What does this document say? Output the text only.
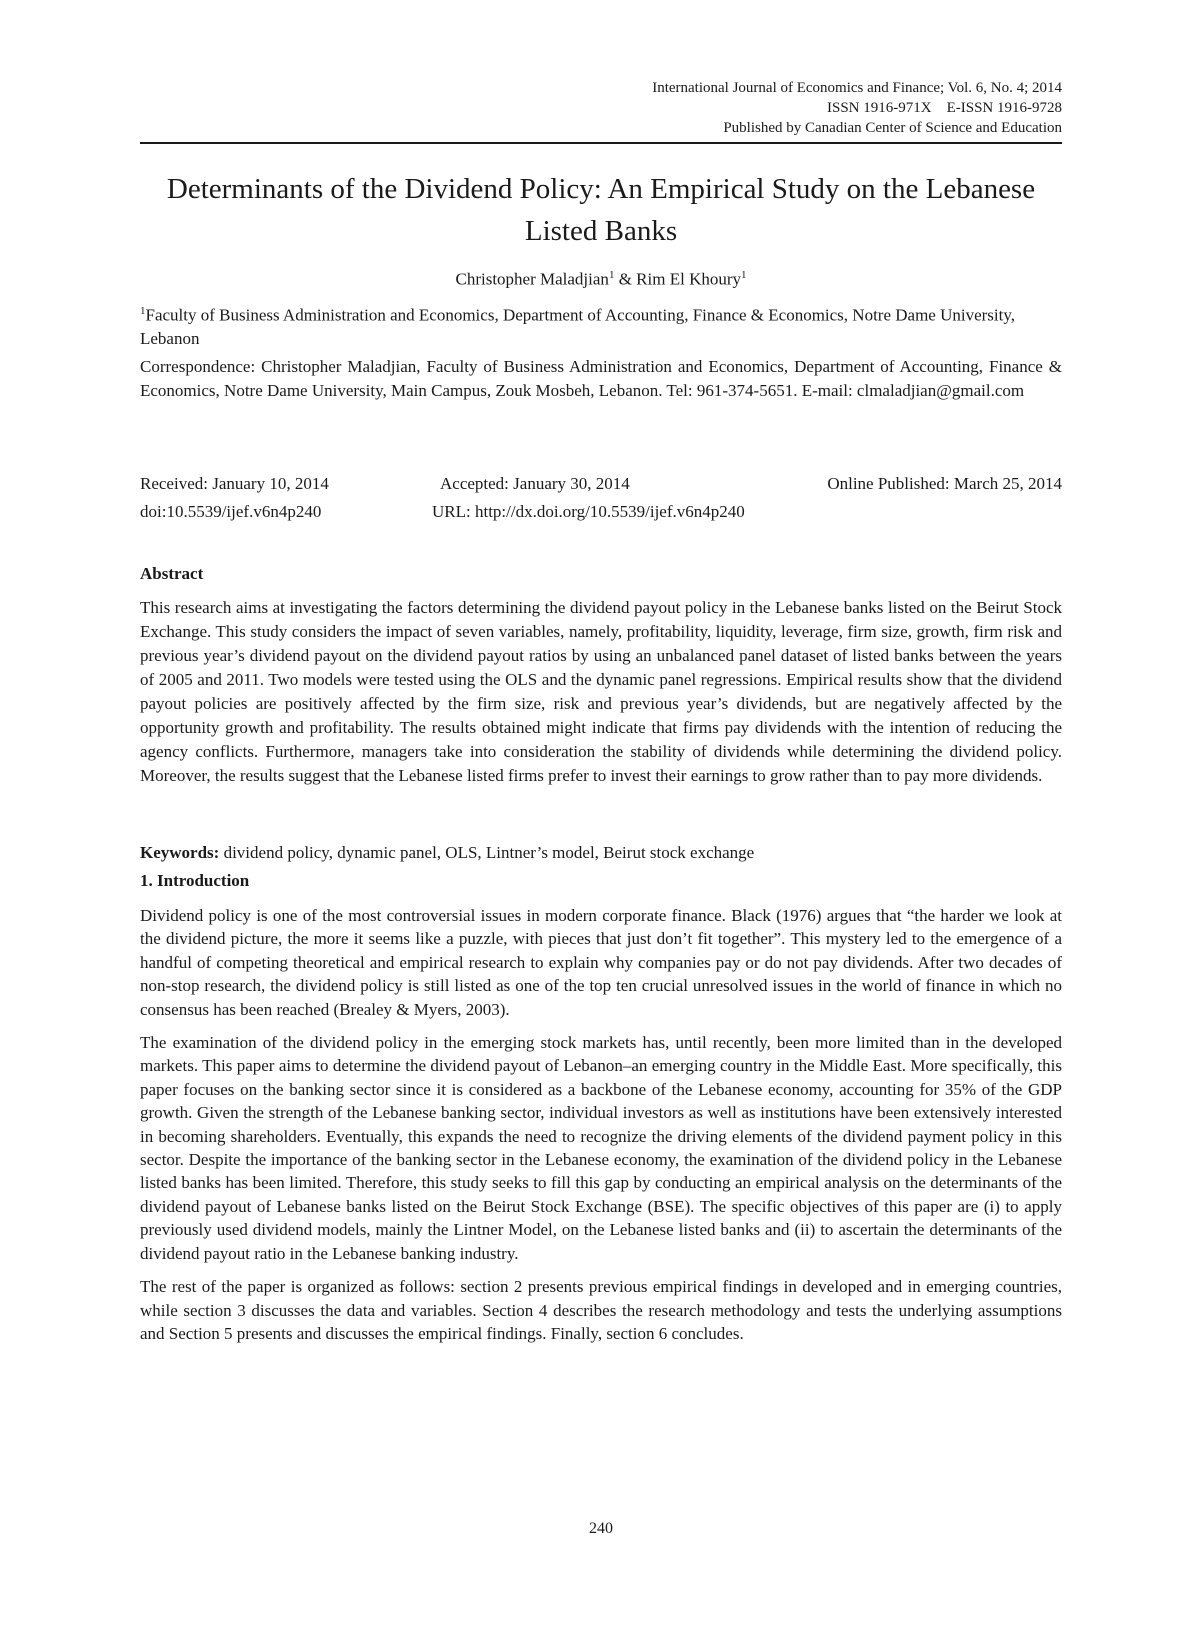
International Journal of Economics and Finance; Vol. 6, No. 4; 2014
ISSN 1916-971X    E-ISSN 1916-9728
Published by Canadian Center of Science and Education
Determinants of the Dividend Policy: An Empirical Study on the Lebanese Listed Banks
Christopher Maladjian$^1$ & Rim El Khoury$^1$
$^1$Faculty of Business Administration and Economics, Department of Accounting, Finance & Economics, Notre Dame University, Lebanon
Correspondence: Christopher Maladjian, Faculty of Business Administration and Economics, Department of Accounting, Finance & Economics, Notre Dame University, Main Campus, Zouk Mosbeh, Lebanon. Tel: 961-374-5651. E-mail: clmaladjian@gmail.com
Received: January 10, 2014	Accepted: January 30, 2014	Online Published: March 25, 2014
doi:10.5539/ijef.v6n4p240	URL: http://dx.doi.org/10.5539/ijef.v6n4p240
Abstract

This research aims at investigating the factors determining the dividend payout policy in the Lebanese banks listed on the Beirut Stock Exchange. This study considers the impact of seven variables, namely, profitability, liquidity, leverage, firm size, growth, firm risk and previous year’s dividend payout on the dividend payout ratios by using an unbalanced panel dataset of listed banks between the years of 2005 and 2011. Two models were tested using the OLS and the dynamic panel regressions. Empirical results show that the dividend payout policies are positively affected by the firm size, risk and previous year’s dividends, but are negatively affected by the opportunity growth and profitability. The results obtained might indicate that firms pay dividends with the intention of reducing the agency conflicts. Furthermore, managers take into consideration the stability of dividends while determining the dividend policy. Moreover, the results suggest that the Lebanese listed firms prefer to invest their earnings to grow rather than to pay more dividends.

Keywords: dividend policy, dynamic panel, OLS, Lintner’s model, Beirut stock exchange
1. Introduction

Dividend policy is one of the most controversial issues in modern corporate finance. Black (1976) argues that “the harder we look at the dividend picture, the more it seems like a puzzle, with pieces that just don’t fit together”. This mystery led to the emergence of a handful of competing theoretical and empirical research to explain why companies pay or do not pay dividends. After two decades of non-stop research, the dividend policy is still listed as one of the top ten crucial unresolved issues in the world of finance in which no consensus has been reached (Brealey & Myers, 2003).

The examination of the dividend policy in the emerging stock markets has, until recently, been more limited than in the developed markets. This paper aims to determine the dividend payout of Lebanon–an emerging country in the Middle East. More specifically, this paper focuses on the banking sector since it is considered as a backbone of the Lebanese economy, accounting for 35% of the GDP growth. Given the strength of the Lebanese banking sector, individual investors as well as institutions have been extensively interested in becoming shareholders. Eventually, this expands the need to recognize the driving elements of the dividend payment policy in this sector. Despite the importance of the banking sector in the Lebanese economy, the examination of the dividend policy in the Lebanese listed banks has been limited. Therefore, this study seeks to fill this gap by conducting an empirical analysis on the determinants of the dividend payout of Lebanese banks listed on the Beirut Stock Exchange (BSE). The specific objectives of this paper are (i) to apply previously used dividend models, mainly the Lintner Model, on the Lebanese listed banks and (ii) to ascertain the determinants of the dividend payout ratio in the Lebanese banking industry.

The rest of the paper is organized as follows: section 2 presents previous empirical findings in developed and in emerging countries, while section 3 discusses the data and variables. Section 4 describes the research methodology and tests the underlying assumptions and Section 5 presents and discusses the empirical findings. Finally, section 6 concludes.

240
